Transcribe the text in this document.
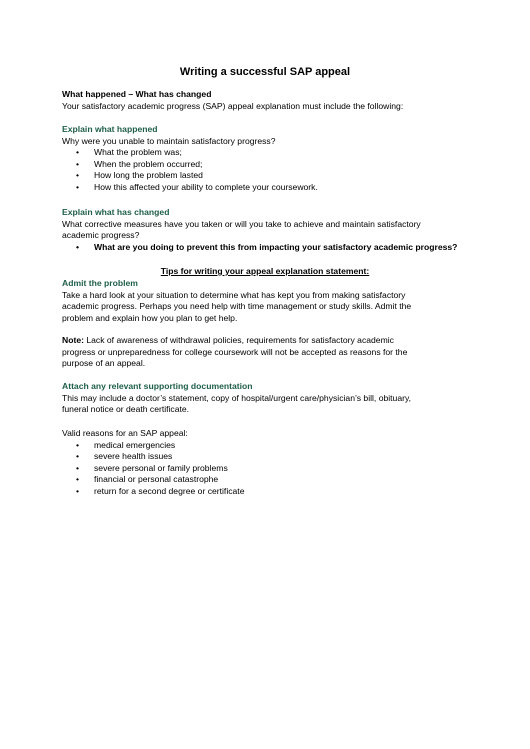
Writing a successful SAP appeal

What happened – What has changed

Your satisfactory academic progress (SAP) appeal explanation must include the following:

Explain what happened

Why were you unable to maintain satisfactory progress?

• What the problem was;
• When the problem occurred;
• How long the problem lasted
• How this affected your ability to complete your coursework.

Explain what has changed

What corrective measures have you taken or will you take to achieve and maintain satisfactory

academic progress?

• What are you doing to prevent this from impacting your satisfactory academic progress?
Tips for writing your appeal explanation statement:

Admit the problem

Take a hard look at your situation to determine what has kept you from making satisfactory

academic progress. Perhaps you need help with time management or study skills. Admit the

problem and explain how you plan to get help.

Note: Lack of awareness of withdrawal policies, requirements for satisfactory academic

progress or unpreparedness for college coursework will not be accepted as reasons for the

purpose of an appeal.

Attach any relevant supporting documentation

This may include a doctor’s statement, copy of hospital/urgent care/physician’s bill, obituary,

funeral notice or death certificate.

Valid reasons for an SAP appeal:

• medical emergencies
• severe health issues
• severe personal or family problems
• financial or personal catastrophe
• return for a second degree or certificate
